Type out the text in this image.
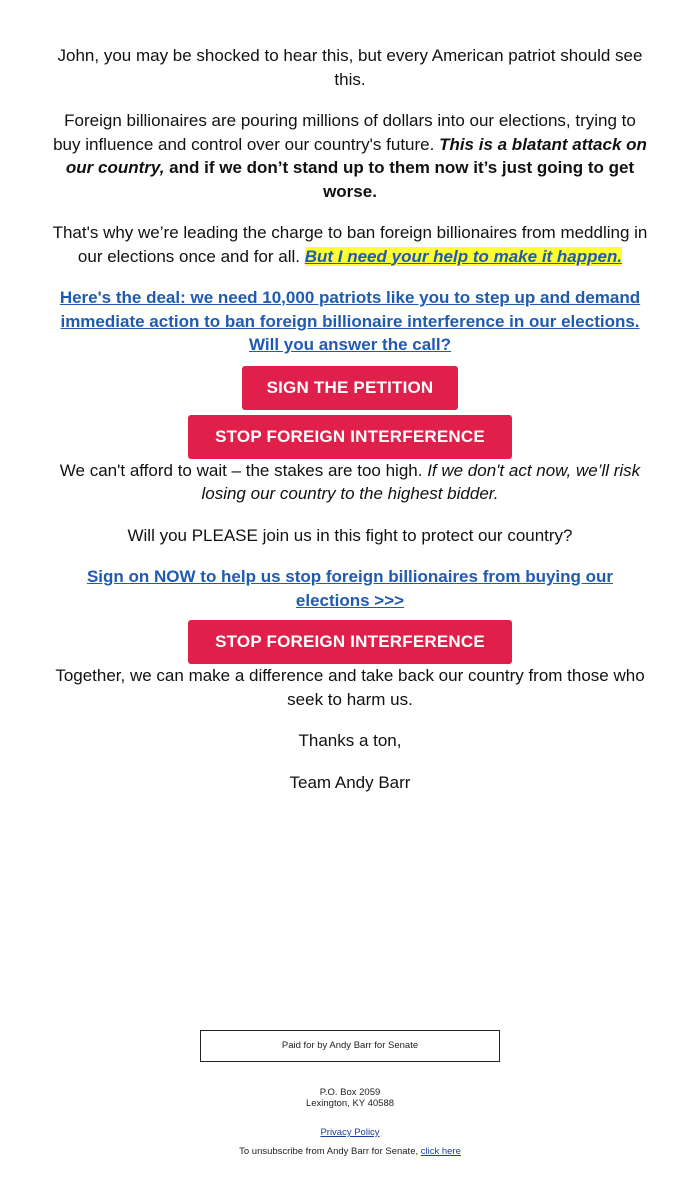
John, you may be shocked to hear this, but every American patriot should see this.

Foreign billionaires are pouring millions of dollars into our elections, trying to buy influence and control over our country's future. This is a blatant attack on our country, and if we don’t stand up to them now it’s just going to get worse.

That's why we’re leading the charge to ban foreign billionaires from meddling in our elections once and for all. But I need your help to make it happen.

Here's the deal: we need 10,000 patriots like you to step up and demand immediate action to ban foreign billionaire interference in our elections. Will you answer the call?

SIGN THE PETITION
STOP FOREIGN INTERFERENCE

We can't afford to wait – the stakes are too high. If we don't act now, we’ll risk losing our country to the highest bidder.

Will you PLEASE join us in this fight to protect our country?

Sign on NOW to help us stop foreign billionaires from buying our elections >>>

STOP FOREIGN INTERFERENCE

Together, we can make a difference and take back our country from those who seek to harm us.

Thanks a ton,

Team Andy Barr

Paid for by Andy Barr for Senate
P.O. Box 2059
Lexington, KY 40588
Privacy Policy
To unsubscribe from Andy Barr for Senate, click here
